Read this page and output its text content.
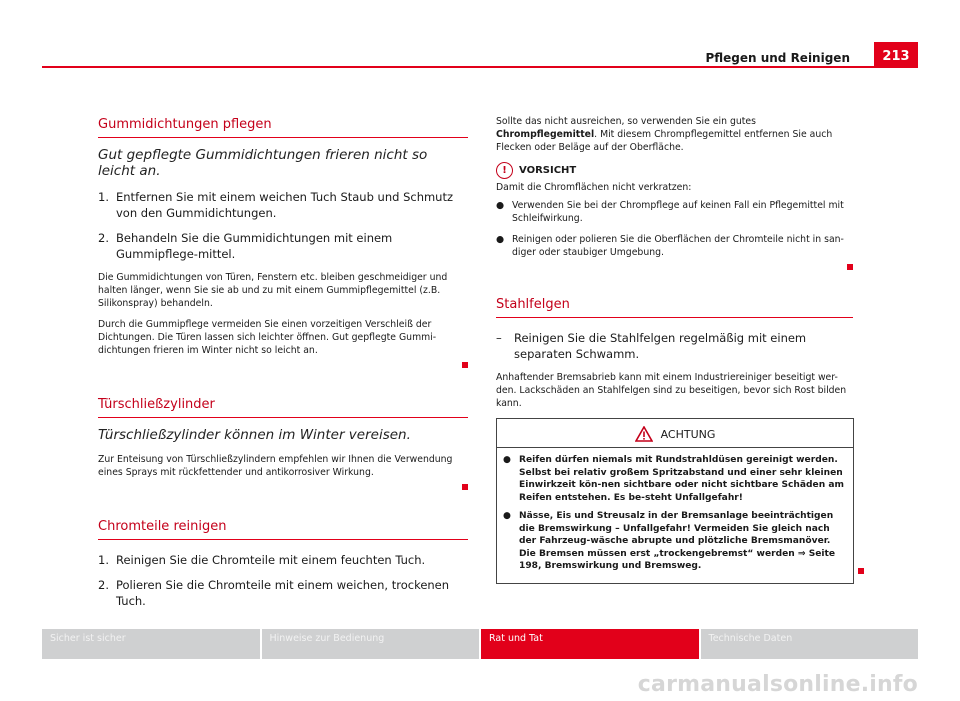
Pflegen und Reinigen	213
Gummidichtungen pflegen
Gut gepflegte Gummidichtungen frieren nicht so leicht an.
1. Entfernen Sie mit einem weichen Tuch Staub und Schmutz von den Gummidichtungen.
2. Behandeln Sie die Gummidichtungen mit einem Gummipflege-mittel.

Die Gummidichtungen von Türen, Fenstern etc. bleiben geschmeidiger und halten länger, wenn Sie sie ab und zu mit einem Gummipflegemittel (z.B. Silikonspray) behandeln.

Durch die Gummipflege vermeiden Sie einen vorzeitigen Verschleiß der Dichtungen. Die Türen lassen sich leichter öffnen. Gut gepflegte Gummi-dichtungen frieren im Winter nicht so leicht an.

Türschließzylinder
Türschließzylinder können im Winter vereisen.

Zur Enteisung von Türschließzylindern empfehlen wir Ihnen die Verwendung eines Sprays mit rückfettender und antikorrosiver Wirkung.

Chromteile reinigen
1. Reinigen Sie die Chromteile mit einem feuchten Tuch.
2. Polieren Sie die Chromteile mit einem weichen, trockenen Tuch.

Sollte das nicht ausreichen, so verwenden Sie ein gutes Chrompflegemittel. Mit diesem Chrompflegemittel entfernen Sie auch Flecken oder Beläge auf der Oberfläche.

!	VORSICHT

Damit die Chromflächen nicht verkratzen:

● Verwenden Sie bei der Chrompflege auf keinen Fall ein Pflegemittel mit Schleifwirkung.

● Reinigen oder polieren Sie die Oberflächen der Chromteile nicht in san-diger oder staubiger Umgebung.

Stahlfelgen
– Reinigen Sie die Stahlfelgen regelmäßig mit einem separaten Schwamm.

Anhaftender Bremsabrieb kann mit einem Industriereiniger beseitigt wer-den. Lackschäden an Stahlfelgen sind zu beseitigen, bevor sich Rost bilden kann.

ACHTUNG

● Reifen dürfen niemals mit Rundstrahldüsen gereinigt werden. Selbst bei relativ großem Spritzabstand und einer sehr kleinen Einwirkzeit kön-nen sichtbare oder nicht sichtbare Schäden am Reifen entstehen. Es be-steht Unfallgefahr!

● Nässe, Eis und Streusalz in der Bremsanlage beeinträchtigen die Bremswirkung – Unfallgefahr! Vermeiden Sie gleich nach der Fahrzeug-wäsche abrupte und plötzliche Bremsmanöver. Die Bremsen müssen erst „trockengebremst“ werden ⇒ Seite 198, Bremswirkung und Bremsweg.

Sicher ist sicher	Hinweise zur Bedienung	Rat und Tat	Technische Daten
carmanualsonline.info
